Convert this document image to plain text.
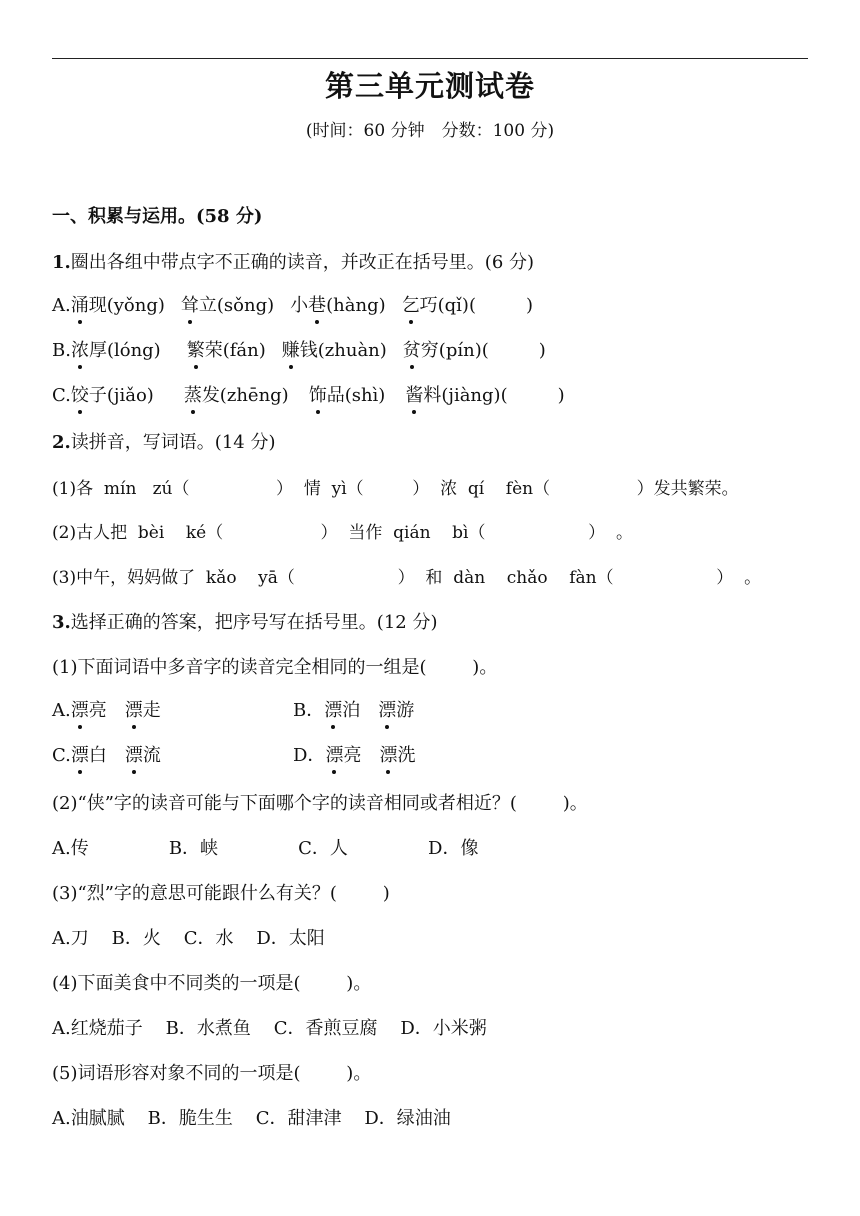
第三单元测试卷
(时间：60 分钟　分数：100 分)
一、积累与运用。(58 分)
1.圈出各组中带点字不正确的读音，并改正在括号里。(6 分)
A.涌现(yǒng) 耸立(sǒng) 小巷(hàng) 乞巧(qǐ)(	)
B.浓厚(lóng) 繁荣(fán) 赚钱(zhuàn) 贫穷(pín)(	)
C.饺子(jiǎo) 蒸发(zhēng) 饰品(shì) 酱料(jiàng)(	)
2.读拼音，写词语。(14 分)
(1)各  mín   zú（                ）  情  yì（         ）  浓  qí    fèn（                ）发共繁荣。
(2)古人把  bèi    ké（                  ）  当作  qián    bì（                   ）  。
(3)中午，妈妈做了  kǎo    yā（                   ）  和  dàn    chǎo    fàn（                   ）  。
3.选择正确的答案，把序号写在括号里。(12 分)
(1)下面词语中多音字的读音完全相同的一组是(        )。
A.漂亮　漂走	B．漂泊　漂游
C.漂白　漂流	D．漂亮　漂洗
(2)“侠”字的读音可能与下面哪个字的读音相同或者相近？(        )。
A.传              B．峡              C．人              D．像
(3)“烈”字的意思可能跟什么有关？(        )
A.刀    B．火    C．水    D．太阳
(4)下面美食中不同类的一项是(        )。
A.红烧茄子    B．水煮鱼    C．香煎豆腐    D．小米粥
(5)词语形容对象不同的一项是(        )。
A.油腻腻    B．脆生生    C．甜津津    D．绿油油
